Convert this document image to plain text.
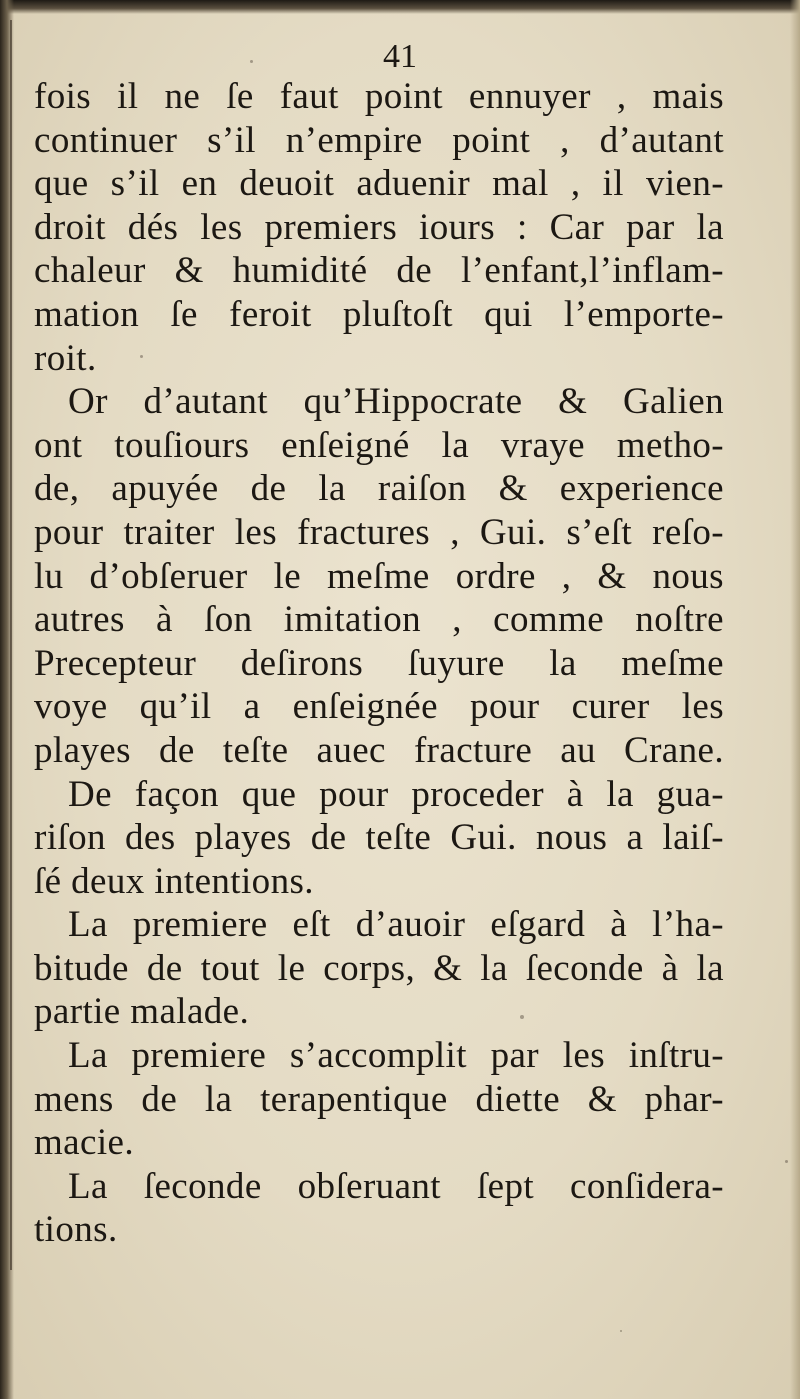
41
fois il ne ſe faut point ennuyer , mais
continuer s’il n’empire point , d’autant
que s’il en deuoit aduenir mal , il vien-
droit dés les premiers iours : Car par la
chaleur & humidité de l’enfant,l’inflam-
mation ſe feroit pluſtoſt qui l’emporte-
roit.
Or d’autant qu’Hippocrate & Galien
ont touſiours enſeigné la vraye metho-
de, apuyée de la raiſon & experience
pour traiter les fractures , Gui. s’eſt reſo-
lu d’obſeruer le meſme ordre , & nous
autres à ſon imitation , comme noſtre
Precepteur deſirons ſuyure la meſme
voye qu’il a enſeignée pour curer les
playes de teſte auec fracture au Crane.
De façon que pour proceder à la gua-
riſon des playes de teſte Gui. nous a laiſ-
ſé deux intentions.
La premiere eſt d’auoir eſgard à l’ha-
bitude de tout le corps, & la ſeconde à la
partie malade.
La premiere s’accomplit par les inſtru-
mens de la terapentique diette & phar-
macie.
La ſeconde obſeruant ſept conſidera-
tions.
